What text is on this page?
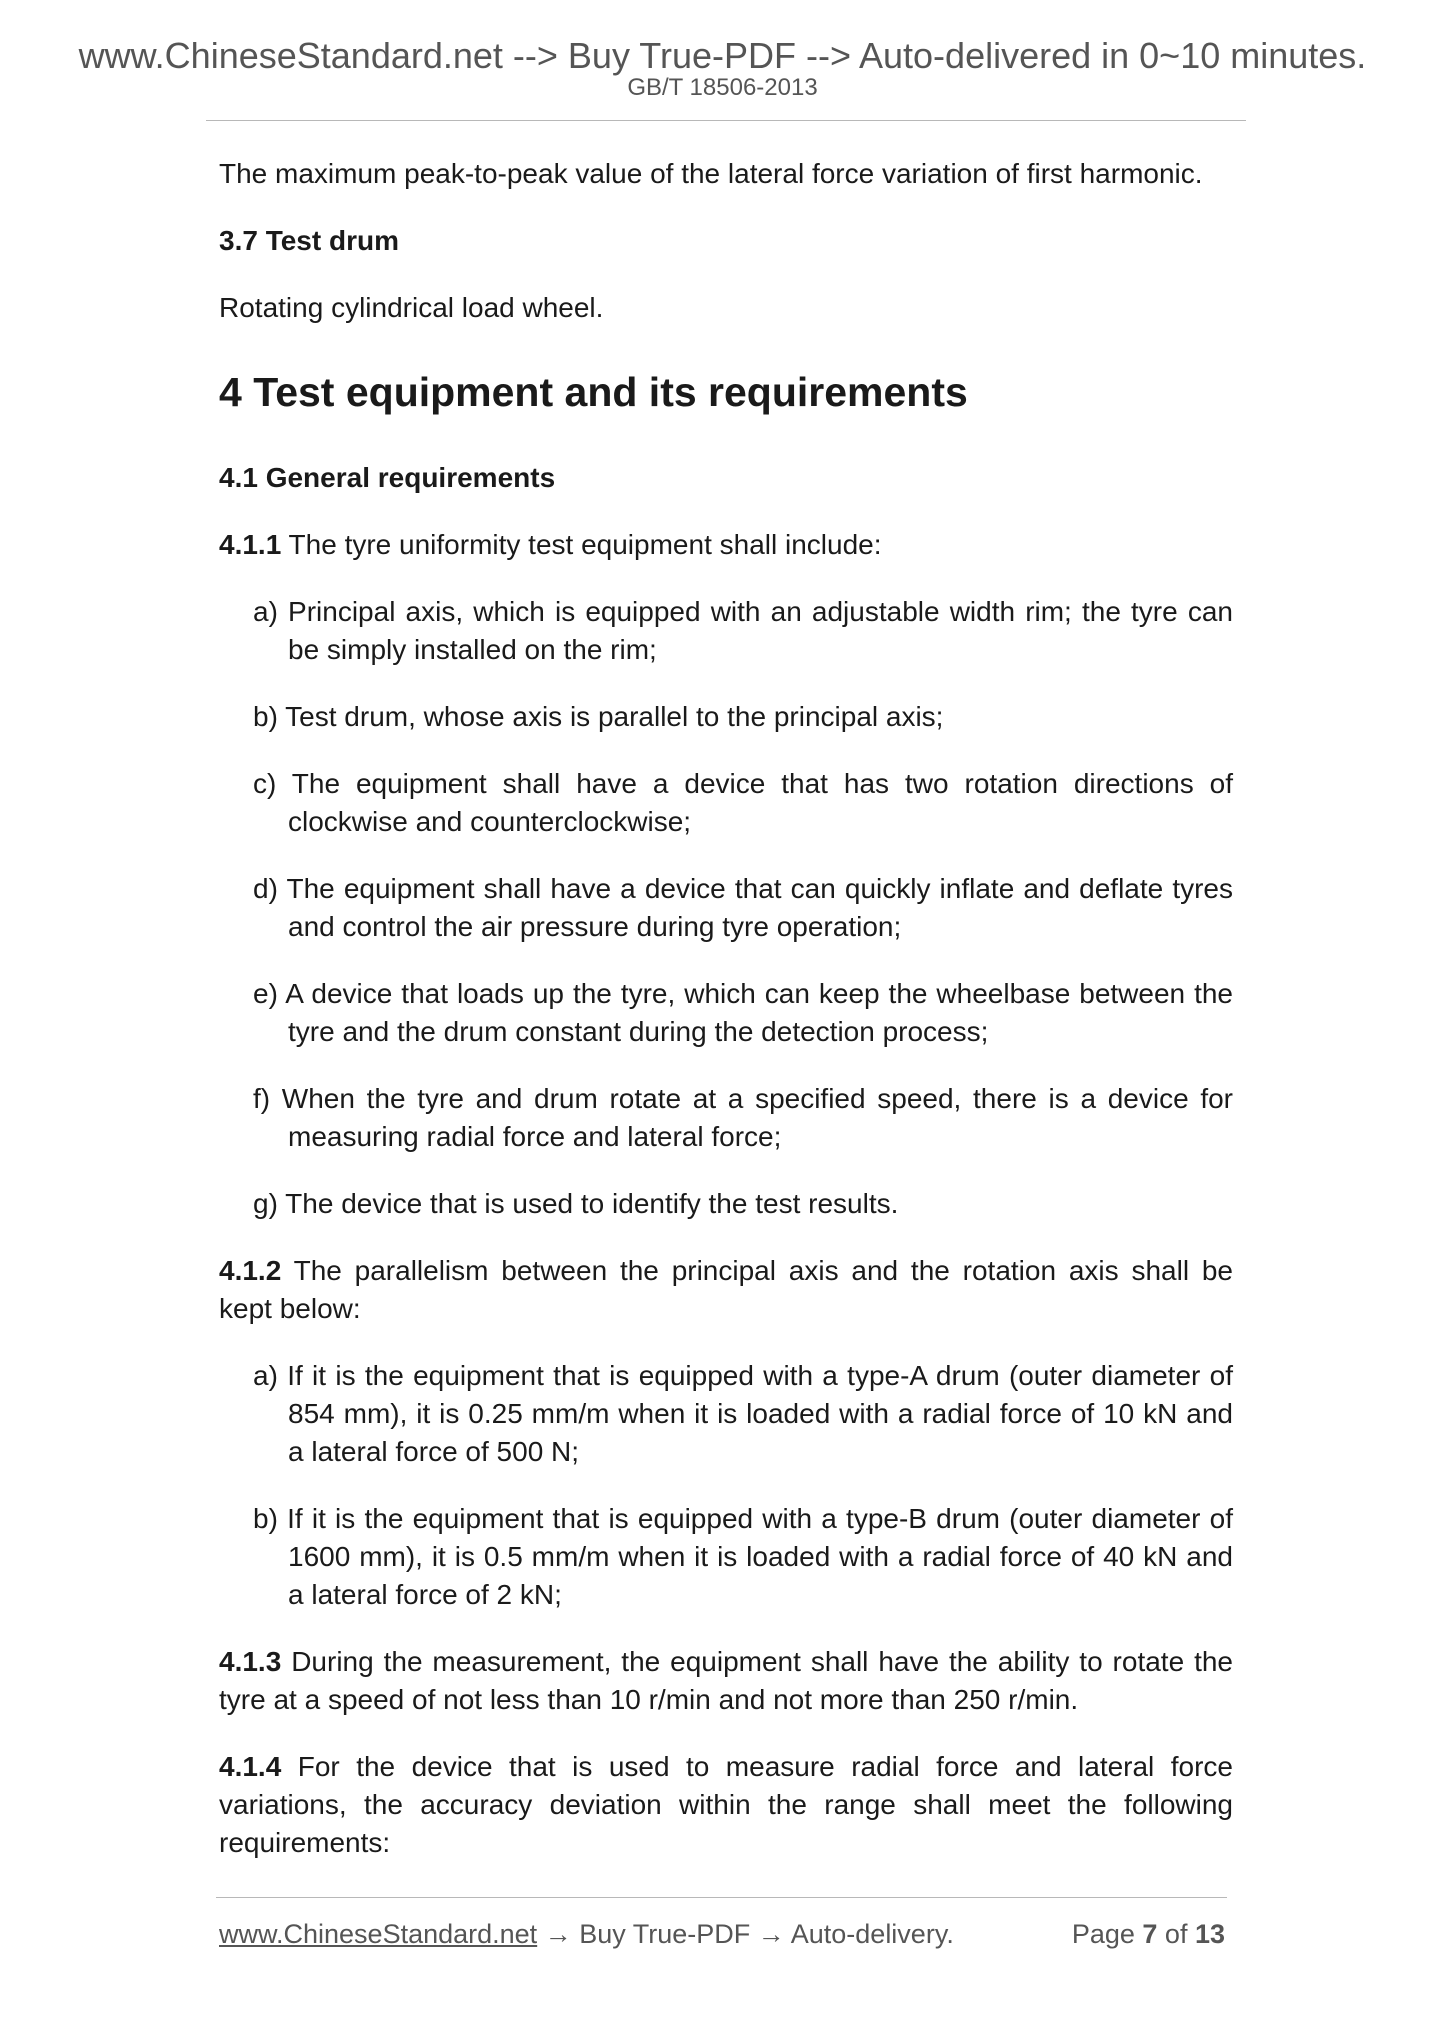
www.ChineseStandard.net --> Buy True-PDF --> Auto-delivered in 0~10 minutes.
GB/T 18506-2013

The maximum peak-to-peak value of the lateral force variation of first harmonic.

3.7 Test drum

Rotating cylindrical load wheel.

4 Test equipment and its requirements

4.1 General requirements

4.1.1 The tyre uniformity test equipment shall include:

a) Principal axis, which is equipped with an adjustable width rim; the tyre can be simply installed on the rim;

b) Test drum, whose axis is parallel to the principal axis;

c) The equipment shall have a device that has two rotation directions of clockwise and counterclockwise;

d) The equipment shall have a device that can quickly inflate and deflate tyres and control the air pressure during tyre operation;

e) A device that loads up the tyre, which can keep the wheelbase between the tyre and the drum constant during the detection process;

f) When the tyre and drum rotate at a specified speed, there is a device for measuring radial force and lateral force;

g) The device that is used to identify the test results.

4.1.2 The parallelism between the principal axis and the rotation axis shall be kept below:

a) If it is the equipment that is equipped with a type-A drum (outer diameter of 854 mm), it is 0.25 mm/m when it is loaded with a radial force of 10 kN and a lateral force of 500 N;

b) If it is the equipment that is equipped with a type-B drum (outer diameter of 1600 mm), it is 0.5 mm/m when it is loaded with a radial force of 40 kN and a lateral force of 2 kN;

4.1.3 During the measurement, the equipment shall have the ability to rotate the tyre at a speed of not less than 10 r/min and not more than 250 r/min.

4.1.4 For the device that is used to measure radial force and lateral force variations, the accuracy deviation within the range shall meet the following requirements:

www.ChineseStandard.net → Buy True-PDF → Auto-delivery.	Page 7 of 13
